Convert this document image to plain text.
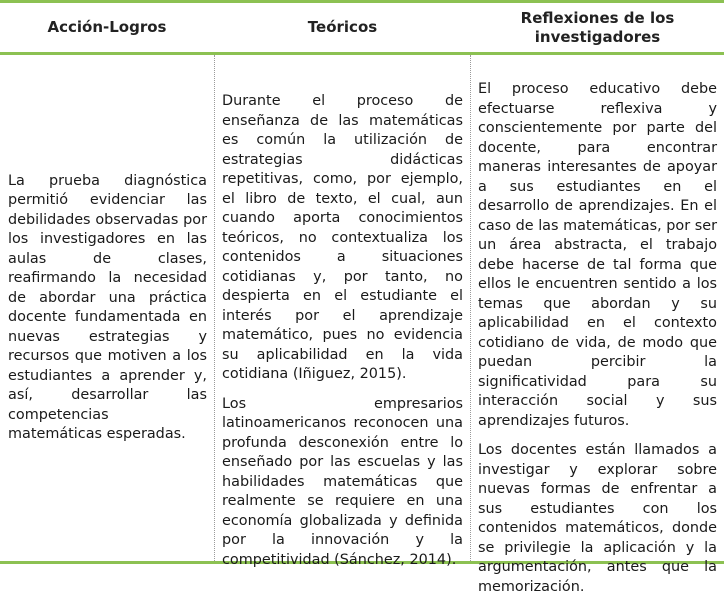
Acción-Logros	Teóricos
Reflexiones de los
investigadores

La prueba diagnóstica permitió evidenciar las debilidades observadas por los investigadores en las aulas de clases, reafirmando la necesidad de abordar una práctica docente fundamentada en nuevas estrategias y recursos que motiven a los estudiantes a aprender y, así, desarrollar las competencias matemáticas esperadas.

Durante el proceso de enseñanza de las matemáticas es común la utilización de estrategias didácticas repetitivas, como, por ejemplo, el libro de texto, el cual, aun cuando aporta conocimientos teóricos, no contextualiza los contenidos a situaciones cotidianas y, por tanto, no despierta en el estudiante el interés por el aprendizaje matemático, pues no evidencia su aplicabilidad en la vida cotidiana (Iñiguez, 2015).

Los empresarios latinoamericanos reconocen una profunda desconexión entre lo enseñado por las escuelas y las habilidades matemáticas que realmente se requiere en una economía globalizada y definida por la innovación y la competitividad (Sánchez, 2014).

El proceso educativo debe efectuarse reflexiva y conscientemente por parte del docente, para encontrar maneras interesantes de apoyar a sus estudiantes en el desarrollo de aprendizajes. En el caso de las matemáticas, por ser un área abstracta, el trabajo debe hacerse de tal forma que ellos le encuentren sentido a los temas que abordan y su aplicabilidad en el contexto cotidiano de vida, de modo que puedan percibir la significatividad para su interacción social y sus aprendizajes futuros.

Los docentes están llamados a investigar y explorar sobre nuevas formas de enfrentar a sus estudiantes con los contenidos matemáticos, donde se privilegie la aplicación y la argumentación, antes que la memorización.
